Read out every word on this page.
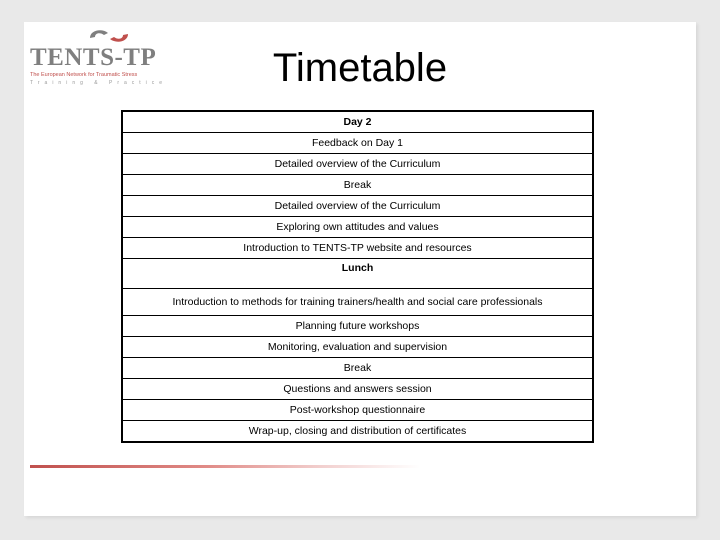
TENTS-TP
The European Network for Traumatic Stress
Training & Practice	Timetable
Day 2
Feedback on Day 1
Detailed overview of the Curriculum
Break
Detailed overview of the Curriculum
Exploring own attitudes and values
Introduction to TENTS-TP website and resources
Lunch
Introduction to methods for training trainers/health and social care professionals
Planning future workshops
Monitoring, evaluation and supervision
Break
Questions and answers session
Post-workshop questionnaire
Wrap-up, closing and distribution of certificates
